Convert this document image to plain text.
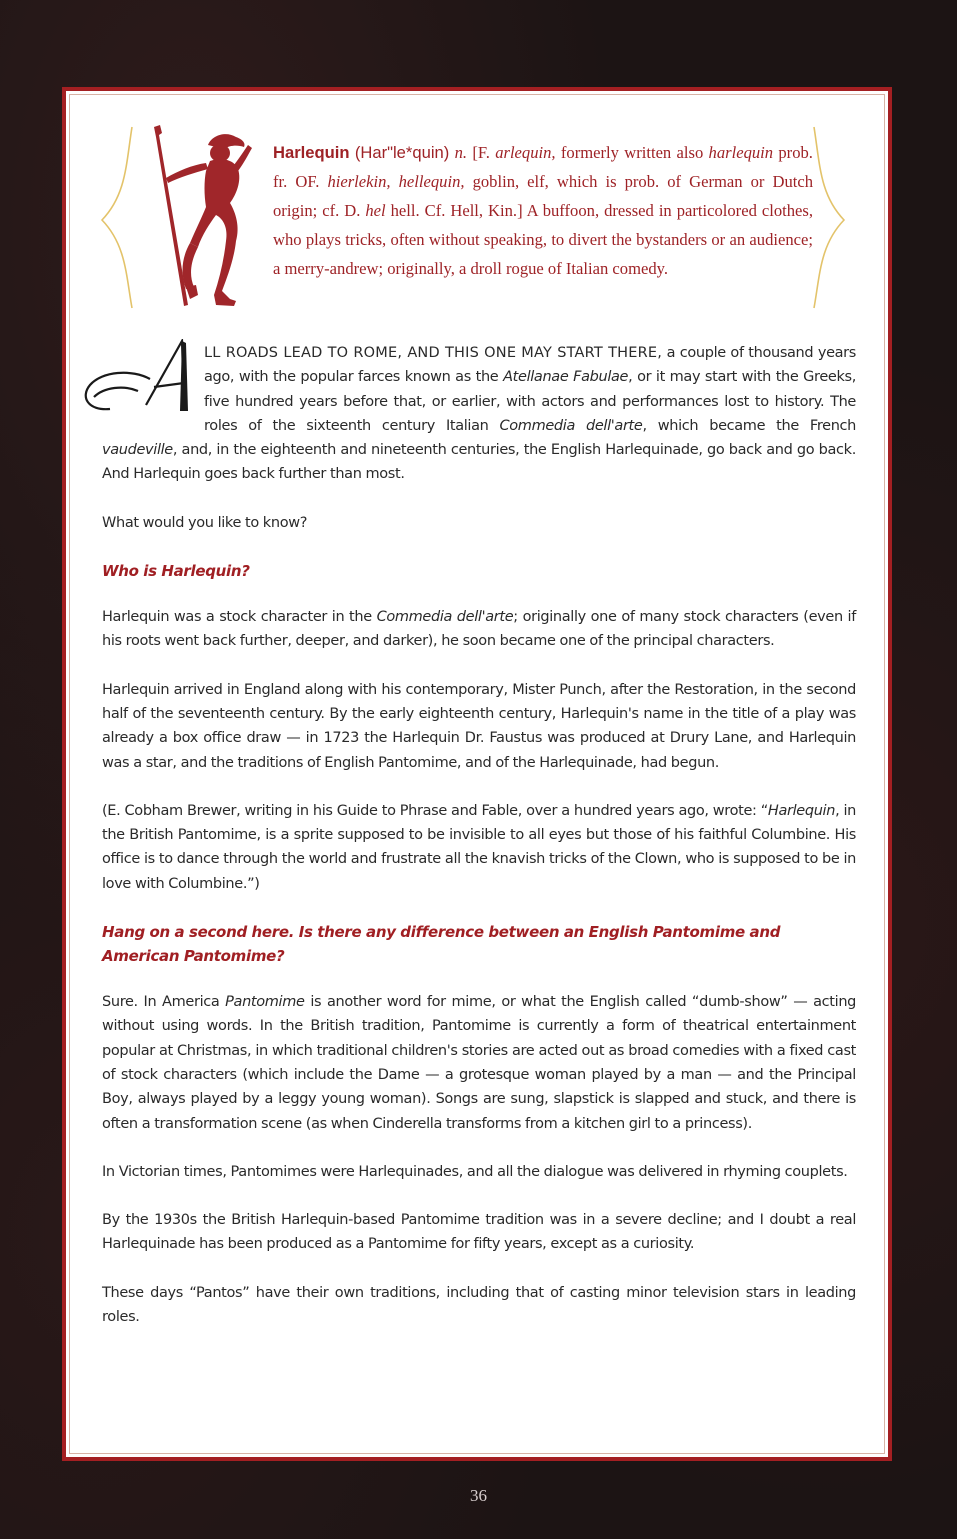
Harlequin (Har"le*quin) n. [F. arlequin, formerly written also harlequin prob. fr. OF. hierlekin, hellequin, goblin, elf, which is prob. of German or Dutch origin; cf. D. hel hell. Cf. Hell, Kin.] A buffoon, dressed in particolored clothes, who plays tricks, often without speaking, to divert the bystanders or an audience; a merry-andrew; originally, a droll rogue of Italian comedy.

LL ROADS LEAD TO ROME, AND THIS ONE MAY START THERE, a couple of thousand years ago, with the popular farces known as the Atellanae Fabulae, or it may start with the Greeks, five hundred years before that, or earlier, with actors and performances lost to history. The roles of the sixteenth century Italian Commedia dell'arte, which became the French vaudeville, and, in the eighteenth and nineteenth centuries, the English Harlequinade, go back and go back. And Harlequin goes back further than most.

What would you like to know?

Who is Harlequin?

Harlequin was a stock character in the Commedia dell'arte; originally one of many stock characters (even if his roots went back further, deeper, and darker), he soon became one of the principal characters.

Harlequin arrived in England along with his contemporary, Mister Punch, after the Restoration, in the second half of the seventeenth century. By the early eighteenth century, Harlequin's name in the title of a play was already a box office draw — in 1723 the Harlequin Dr. Faustus was produced at Drury Lane, and Harlequin was a star, and the traditions of English Pantomime, and of the Harlequinade, had begun.

(E. Cobham Brewer, writing in his Guide to Phrase and Fable, over a hundred years ago, wrote: “Harlequin, in the British Pantomime, is a sprite supposed to be invisible to all eyes but those of his faithful Columbine. His office is to dance through the world and frustrate all the knavish tricks of the Clown, who is supposed to be in love with Columbine.”)

Hang on a second here. Is there any difference between an English Pantomime and American Pantomime?

Sure. In America Pantomime is another word for mime, or what the English called “dumb-show” — acting without using words. In the British tradition, Pantomime is currently a form of theatrical entertainment popular at Christmas, in which traditional children's stories are acted out as broad comedies with a fixed cast of stock characters (which include the Dame — a grotesque woman played by a man — and the Principal Boy, always played by a leggy young woman). Songs are sung, slapstick is slapped and stuck, and there is often a transformation scene (as when Cinderella transforms from a kitchen girl to a princess).

In Victorian times, Pantomimes were Harlequinades, and all the dialogue was delivered in rhyming couplets.

By the 1930s the British Harlequin-based Pantomime tradition was in a severe decline; and I doubt a real Harlequinade has been produced as a Pantomime for fifty years, except as a curiosity.

These days “Pantos” have their own traditions, including that of casting minor television stars in leading roles.

36
